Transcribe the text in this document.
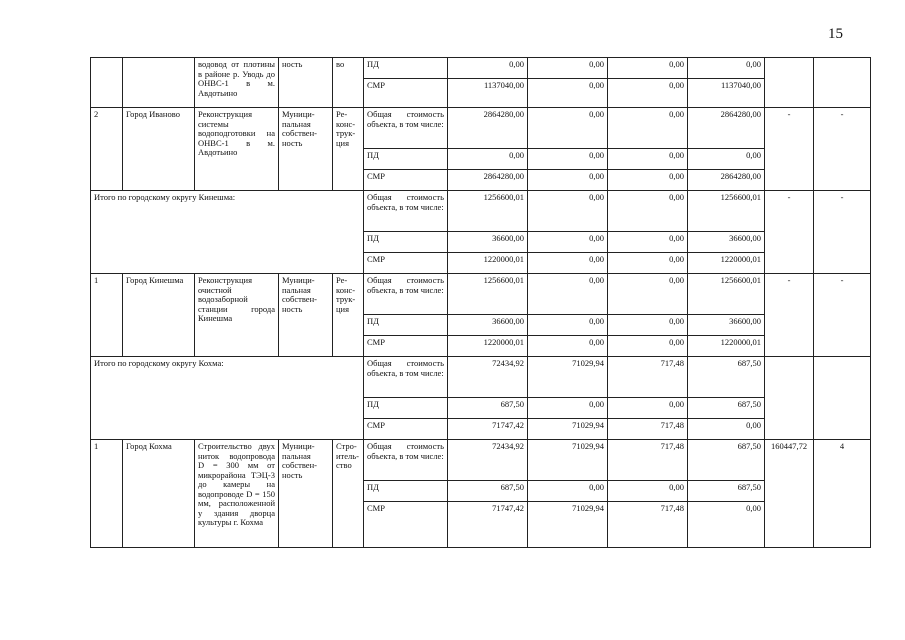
15
		водовод от плотины в районе р. Уводь до ОНВС-1 в м. Авдотьино	ность	во	ПД	0,00	0,00	0,00	0,00		
					СМР	1137040,00	0,00	0,00	1137040,00		
2	Город Иваново	Реконструкция системы водоподготовки на ОНВС-1 в м. Авдотьино	Муници-пальная собствен-ность	Ре-конс-трук-ция	Общая стоимость объекта, в том числе:	2864280,00	0,00	0,00	2864280,00	-	-
					ПД	0,00	0,00	0,00	0,00		
					СМР	2864280,00	0,00	0,00	2864280,00		
Итого по городскому округу Кинешма:					Общая стоимость объекта, в том числе:	1256600,01	0,00	0,00	1256600,01	-	-
					ПД	36600,00	0,00	0,00	36600,00		
					СМР	1220000,01	0,00	0,00	1220000,01		
1	Город Кинешма	Реконструкция очистной водозаборной станции города Кинешма	Муници-пальная собствен-ность	Ре-конс-трук-ция	Общая стоимость объекта, в том числе:	1256600,01	0,00	0,00	1256600,01	-	-
					ПД	36600,00	0,00	0,00	36600,00		
					СМР	1220000,01	0,00	0,00	1220000,01		
Итого по городскому округу Кохма:					Общая стоимость объекта, в том числе:	72434,92	71029,94	717,48	687,50		
					ПД	687,50	0,00	0,00	687,50		
					СМР	71747,42	71029,94	717,48	0,00		
1	Город Кохма	Строительство двух ниток водопровода D = 300 мм от микрорайона ТЭЦ-3 до камеры на водопроводе D = 150 мм, расположенной у здания дворца культуры г. Кохма	Муници-пальная собствен-ность	Стро-итель-ство	Общая стоимость объекта, в том числе:	72434,92	71029,94	717,48	687,50	160447,72	4
					ПД	687,50	0,00	0,00	687,50		
					СМР	71747,42	71029,94	717,48	0,00		
